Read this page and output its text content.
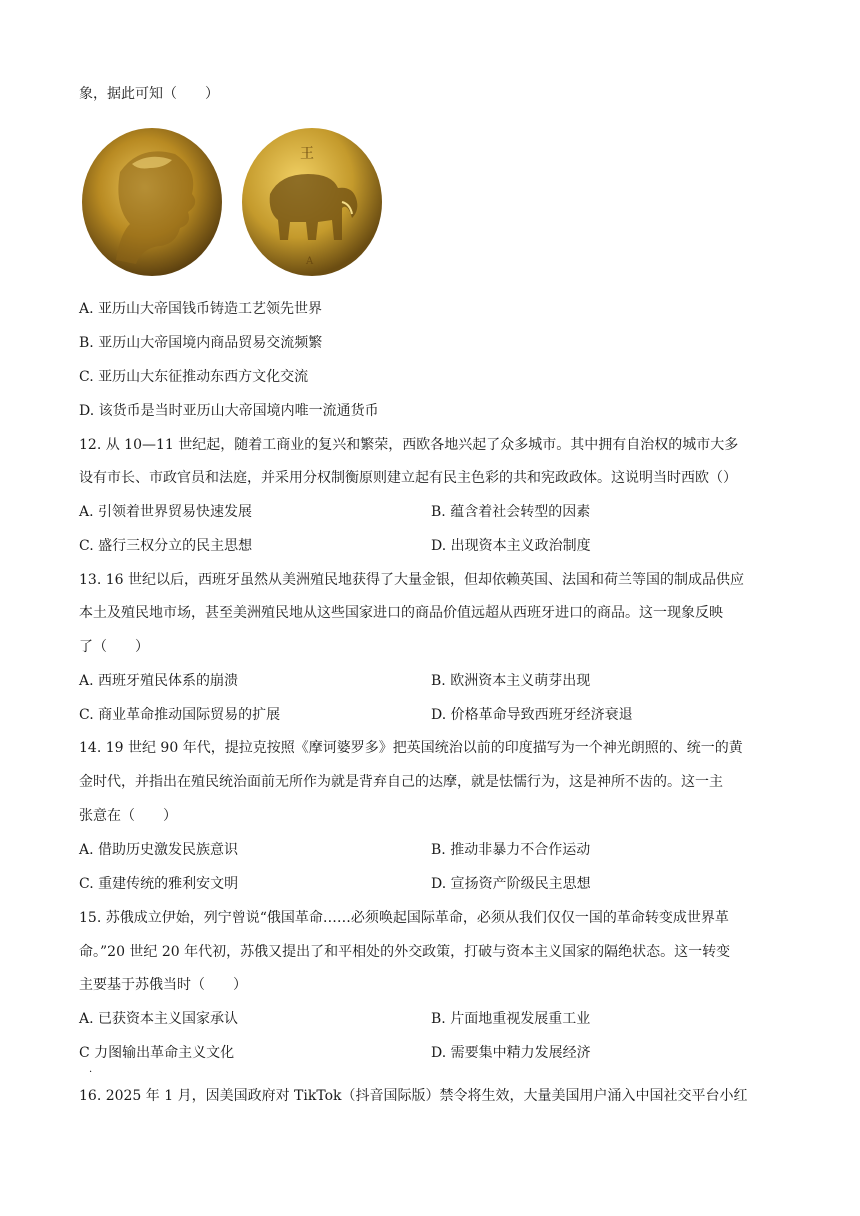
象，据此可知（　　）
王
A
A. 亚历山大帝国钱币铸造工艺领先世界
B. 亚历山大帝国境内商品贸易交流频繁
C. 亚历山大东征推动东西方文化交流
D. 该货币是当时亚历山大帝国境内唯一流通货币
12. 从 10—11 世纪起，随着工商业的复兴和繁荣，西欧各地兴起了众多城市。其中拥有自治权的城市大多
设有市长、市政官员和法庭，并采用分权制衡原则建立起有民主色彩的共和宪政政体。这说明当时西欧（）
A. 引领着世界贸易快速发展	B. 蕴含着社会转型的因素
C. 盛行三权分立的民主思想	D. 出现资本主义政治制度
13. 16 世纪以后，西班牙虽然从美洲殖民地获得了大量金银，但却依赖英国、法国和荷兰等国的制成品供应
本土及殖民地市场，甚至美洲殖民地从这些国家进口的商品价值远超从西班牙进口的商品。这一现象反映
了（　　）
A. 西班牙殖民体系的崩溃	B. 欧洲资本主义萌芽出现
C. 商业革命推动国际贸易的扩展	D. 价格革命导致西班牙经济衰退
14. 19 世纪 90 年代，提拉克按照《摩诃婆罗多》把英国统治以前的印度描写为一个神光朗照的、统一的黄
金时代，并指出在殖民统治面前无所作为就是背弃自己的达摩，就是怯懦行为，这是神所不齿的。这一主
张意在（　　）
A. 借助历史激发民族意识	B. 推动非暴力不合作运动
C. 重建传统的雅利安文明	D. 宣扬资产阶级民主思想
15. 苏俄成立伊始，列宁曾说“俄国革命……必须唤起国际革命，必须从我们仅仅一国的革命转变成世界革
命。”20 世纪 20 年代初，苏俄又提出了和平相处的外交政策，打破与资本主义国家的隔绝状态。这一转变
主要基于苏俄当时（　　）
A. 已获资本主义国家承认	B. 片面地重视发展重工业
C 力图输出革命主义文化	D. 需要集中精力发展经济
·
16. 2025 年 1 月，因美国政府对 TikTok（抖音国际版）禁令将生效，大量美国用户涌入中国社交平台小红
